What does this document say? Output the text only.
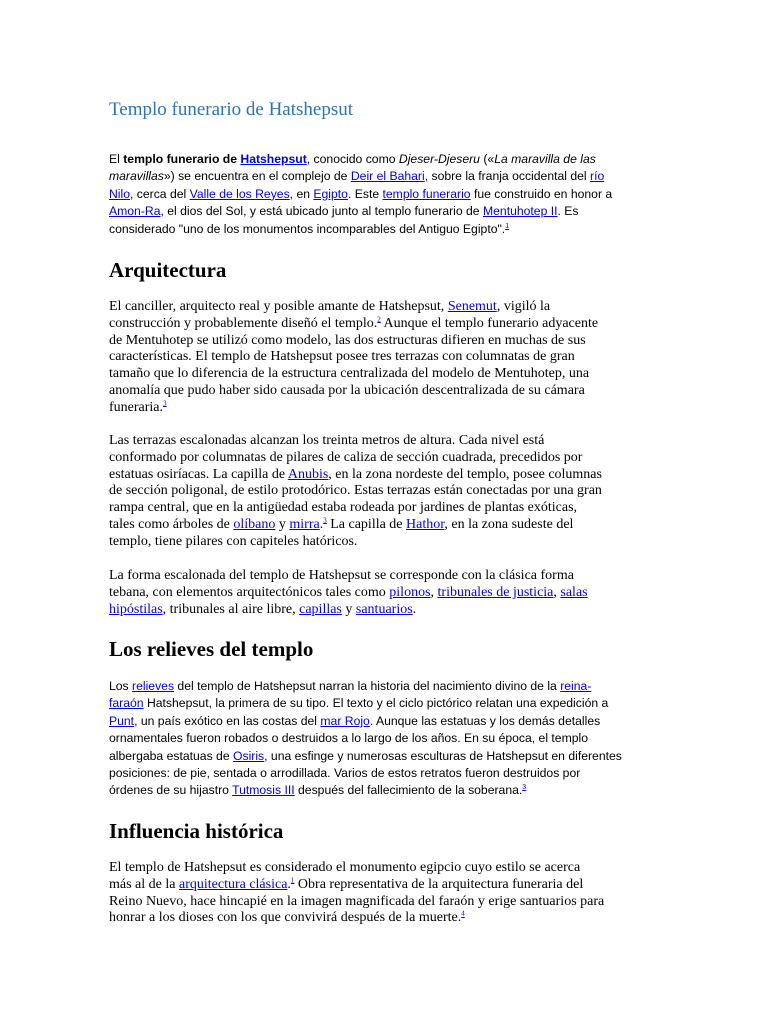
Templo funerario de Hatshepsut
El templo funerario de Hatshepsut, conocido como Djeser-Djeseru («La maravilla de las
maravillas») se encuentra en el complejo de Deir el Bahari, sobre la franja occidental del río
Nilo, cerca del Valle de los Reyes, en Egipto. Este templo funerario fue construido en honor a
Amon-Ra, el dios del Sol, y está ubicado junto al templo funerario de Mentuhotep II. Es
considerado "uno de los monumentos incomparables del Antiguo Egipto".$^1$
Arquitectura
El canciller, arquitecto real y posible amante de Hatshepsut, Senemut, vigiló la
construcción y probablemente diseñó el templo.$^2$ Aunque el templo funerario adyacente
de Mentuhotep se utilizó como modelo, las dos estructuras difieren en muchas de sus
características. El templo de Hatshepsut posee tres terrazas con columnatas de gran
tamaño que lo diferencia de la estructura centralizada del modelo de Mentuhotep, una
anomalía que pudo haber sido causada por la ubicación descentralizada de su cámara
funeraria.$^3$
Las terrazas escalonadas alcanzan los treinta metros de altura. Cada nivel está
conformado por columnatas de pilares de caliza de sección cuadrada, precedidos por
estatuas osiríacas. La capilla de Anubis, en la zona nordeste del templo, posee columnas
de sección poligonal, de estilo protodórico. Estas terrazas están conectadas por una gran
rampa central, que en la antigüedad estaba rodeada por jardines de plantas exóticas,
tales como árboles de olíbano y mirra.$^3$ La capilla de Hathor, en la zona sudeste del
templo, tiene pilares con capiteles hatóricos.
La forma escalonada del templo de Hatshepsut se corresponde con la clásica forma
tebana, con elementos arquitectónicos tales como pilonos, tribunales de justicia, salas
hipóstilas, tribunales al aire libre, capillas y santuarios.
Los relieves del templo
Los relieves del templo de Hatshepsut narran la historia del nacimiento divino de la reina-
faraón Hatshepsut, la primera de su tipo. El texto y el ciclo pictórico relatan una expedición a
Punt, un país exótico en las costas del mar Rojo. Aunque las estatuas y los demás detalles
ornamentales fueron robados o destruidos a lo largo de los años. En su época, el templo
albergaba estatuas de Osiris, una esfinge y numerosas esculturas de Hatshepsut en diferentes
posiciones: de pie, sentada o arrodillada. Varios de estos retratos fueron destruidos por
órdenes de su hijastro Tutmosis III después del fallecimiento de la soberana.$^3$
Influencia histórica
El templo de Hatshepsut es considerado el monumento egipcio cuyo estilo se acerca
más al de la arquitectura clásica.$^1$ Obra representativa de la arquitectura funeraria del
Reino Nuevo, hace hincapié en la imagen magnificada del faraón y erige santuarios para
honrar a los dioses con los que convivirá después de la muerte.$^4$
